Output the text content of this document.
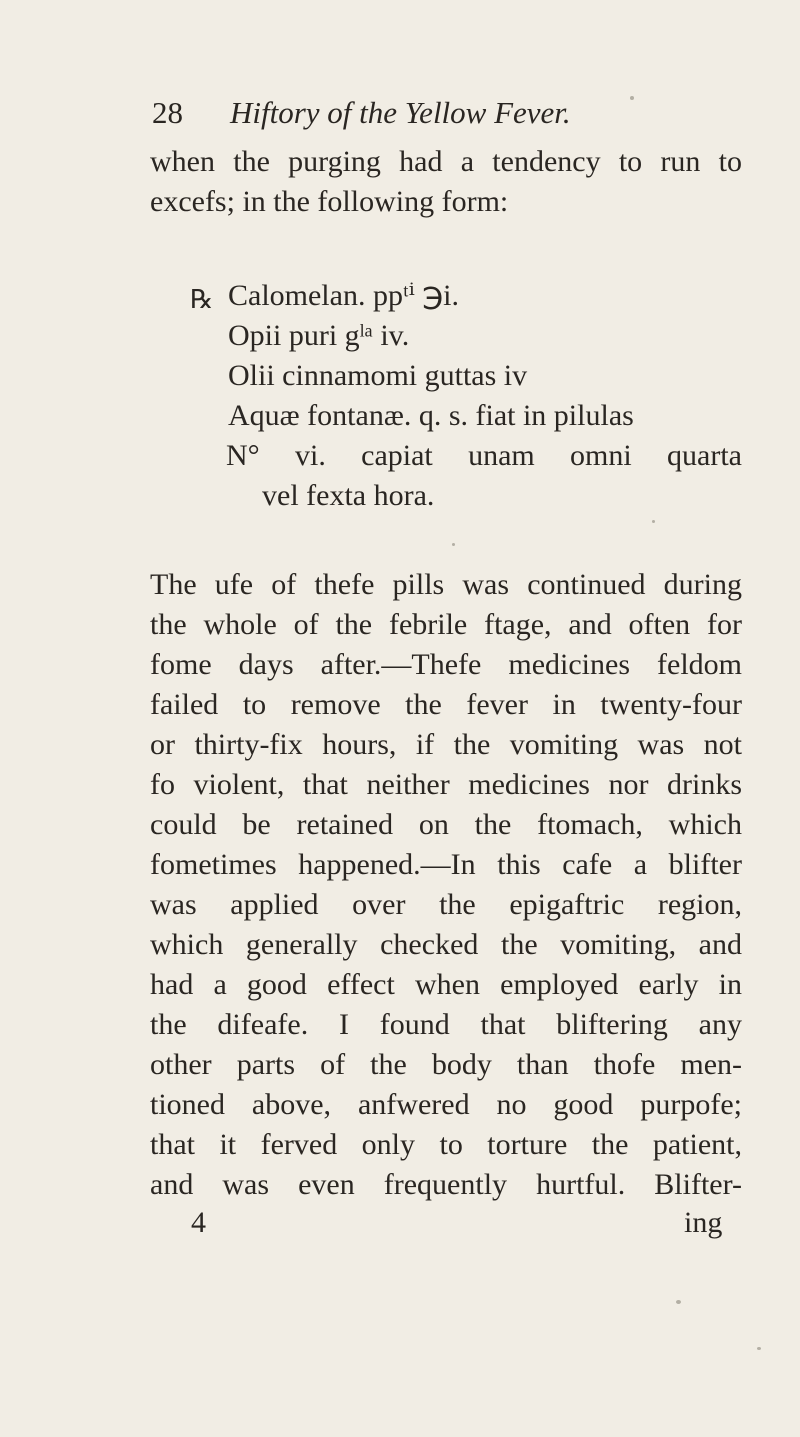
28 Hiftory of the Yellow Fever.
when the purging had a tendency to run to
excefs; in the following form:
℞ Calomelan. ppᵗⁱ ℈i.
Opii puri gˡᵃ iv.
Olii cinnamomi guttas iv
Aquæ fontanæ. q. s. fiat in pilulas
N° vi. capiat unam omni quarta
vel fexta hora.
The ufe of thefe pills was continued during
the whole of the febrile ftage, and often for
fome days after.—Thefe medicines feldom
failed to remove the fever in twenty-four
or thirty-fix hours, if the vomiting was not
fo violent, that neither medicines nor drinks
could be retained on the ftomach, which
fometimes happened.—In this cafe a blifter
was applied over the epigaftric region,
which generally checked the vomiting, and
had a good effect when employed early in
the difeafe. I found that bliftering any
other parts of the body than thofe men-
tioned above, anfwered no good purpofe;
that it ferved only to torture the patient,
and was even frequently hurtful. Blifter-
4	ing
